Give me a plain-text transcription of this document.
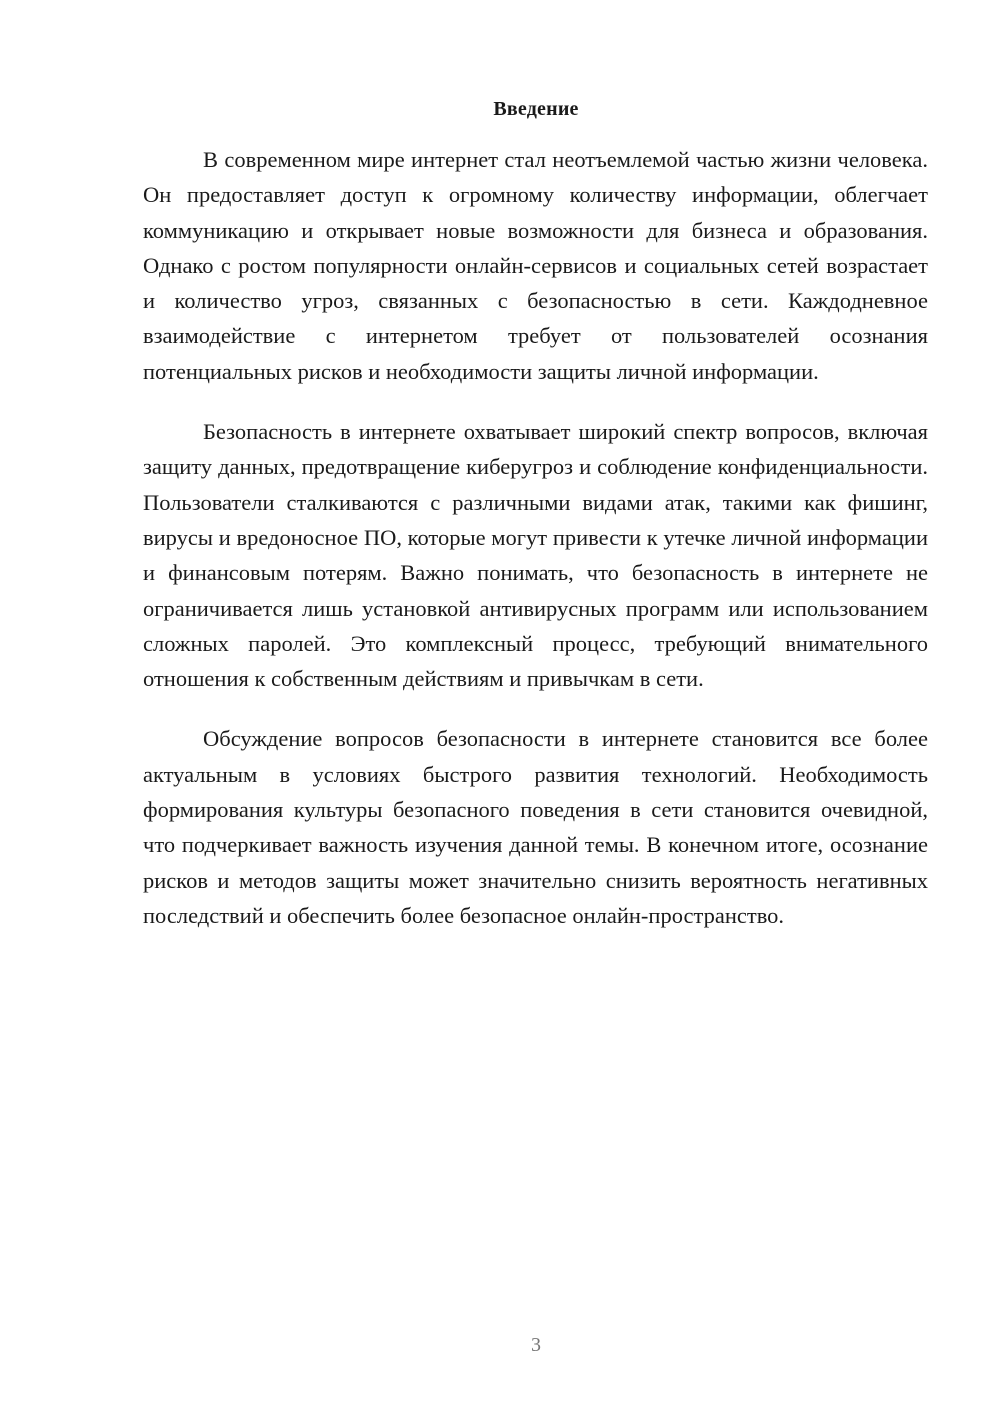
Введение

В современном мире интернет стал неотъемлемой частью жизни человека. Он предоставляет доступ к огромному количеству информации, облегчает коммуникацию и открывает новые возможности для бизнеса и образования. Однако с ростом популярности онлайн-сервисов и социальных сетей возрастает и количество угроз, связанных с безопасностью в сети. Каждодневное взаимодействие с интернетом требует от пользователей осознания потенциальных рисков и необходимости защиты личной информации.

Безопасность в интернете охватывает широкий спектр вопросов, включая защиту данных, предотвращение киберугроз и соблюдение конфиденциальности. Пользователи сталкиваются с различными видами атак, такими как фишинг, вирусы и вредоносное ПО, которые могут привести к утечке личной информации и финансовым потерям. Важно понимать, что безопасность в интернете не ограничивается лишь установкой антивирусных программ или использованием сложных паролей. Это комплексный процесс, требующий внимательного отношения к собственным действиям и привычкам в сети.

Обсуждение вопросов безопасности в интернете становится все более актуальным в условиях быстрого развития технологий. Необходимость формирования культуры безопасного поведения в сети становится очевидной, что подчеркивает важность изучения данной темы. В конечном итоге, осознание рисков и методов защиты может значительно снизить вероятность негативных последствий и обеспечить более безопасное онлайн-пространство.

3
